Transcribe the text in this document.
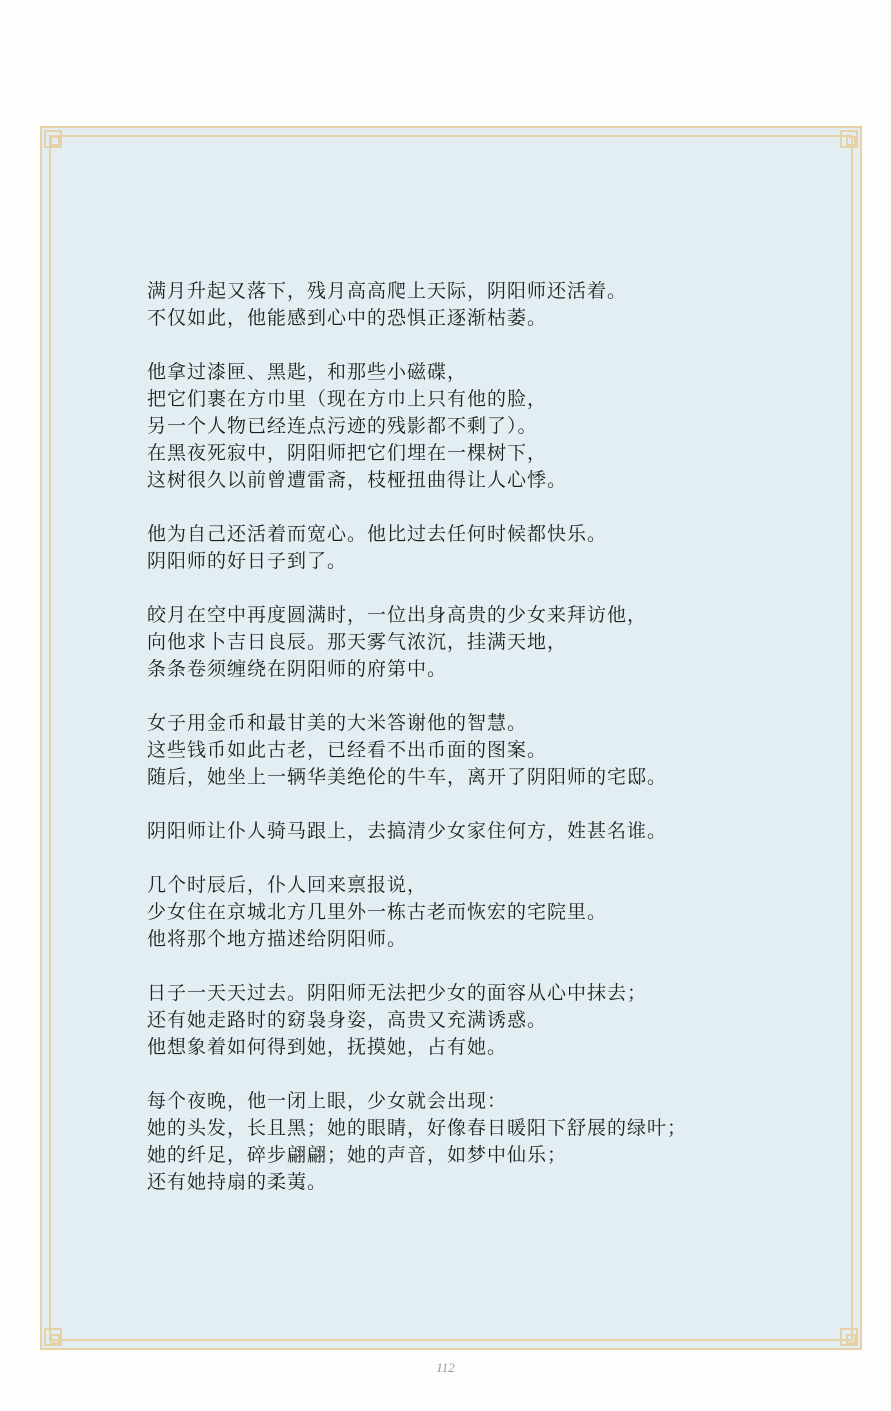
满月升起又落下，残月高高爬上天际，阴阳师还活着。
不仅如此，他能感到心中的恐惧正逐渐枯萎。
他拿过漆匣、黑匙，和那些小磁碟，
把它们裹在方巾里（现在方巾上只有他的脸，
另一个人物已经连点污迹的残影都不剩了）。
在黑夜死寂中，阴阳师把它们埋在一棵树下，
这树很久以前曾遭雷斋，枝桠扭曲得让人心悸。
他为自己还活着而宽心。他比过去任何时候都快乐。
阴阳师的好日子到了。
皎月在空中再度圆满时，一位出身高贵的少女来拜访他，
向他求卜吉日良辰。那天雾气浓沉，挂满天地，
条条卷须缠绕在阴阳师的府第中。
女子用金币和最甘美的大米答谢他的智慧。
这些钱币如此古老，已经看不出币面的图案。
随后，她坐上一辆华美绝伦的牛车，离开了阴阳师的宅邸。
阴阳师让仆人骑马跟上，去搞清少女家住何方，姓甚名谁。
几个时辰后，仆人回来禀报说，
少女住在京城北方几里外一栋古老而恢宏的宅院里。
他将那个地方描述给阴阳师。
日子一天天过去。阴阳师无法把少女的面容从心中抹去；
还有她走路时的窈袅身姿，高贵又充满诱惑。
他想象着如何得到她，抚摸她，占有她。
每个夜晚，他一闭上眼，少女就会出现：
她的头发，长且黑；她的眼睛，好像春日暖阳下舒展的绿叶；
她的纤足，碎步翩翩；她的声音，如梦中仙乐；
还有她持扇的柔荑。
112
